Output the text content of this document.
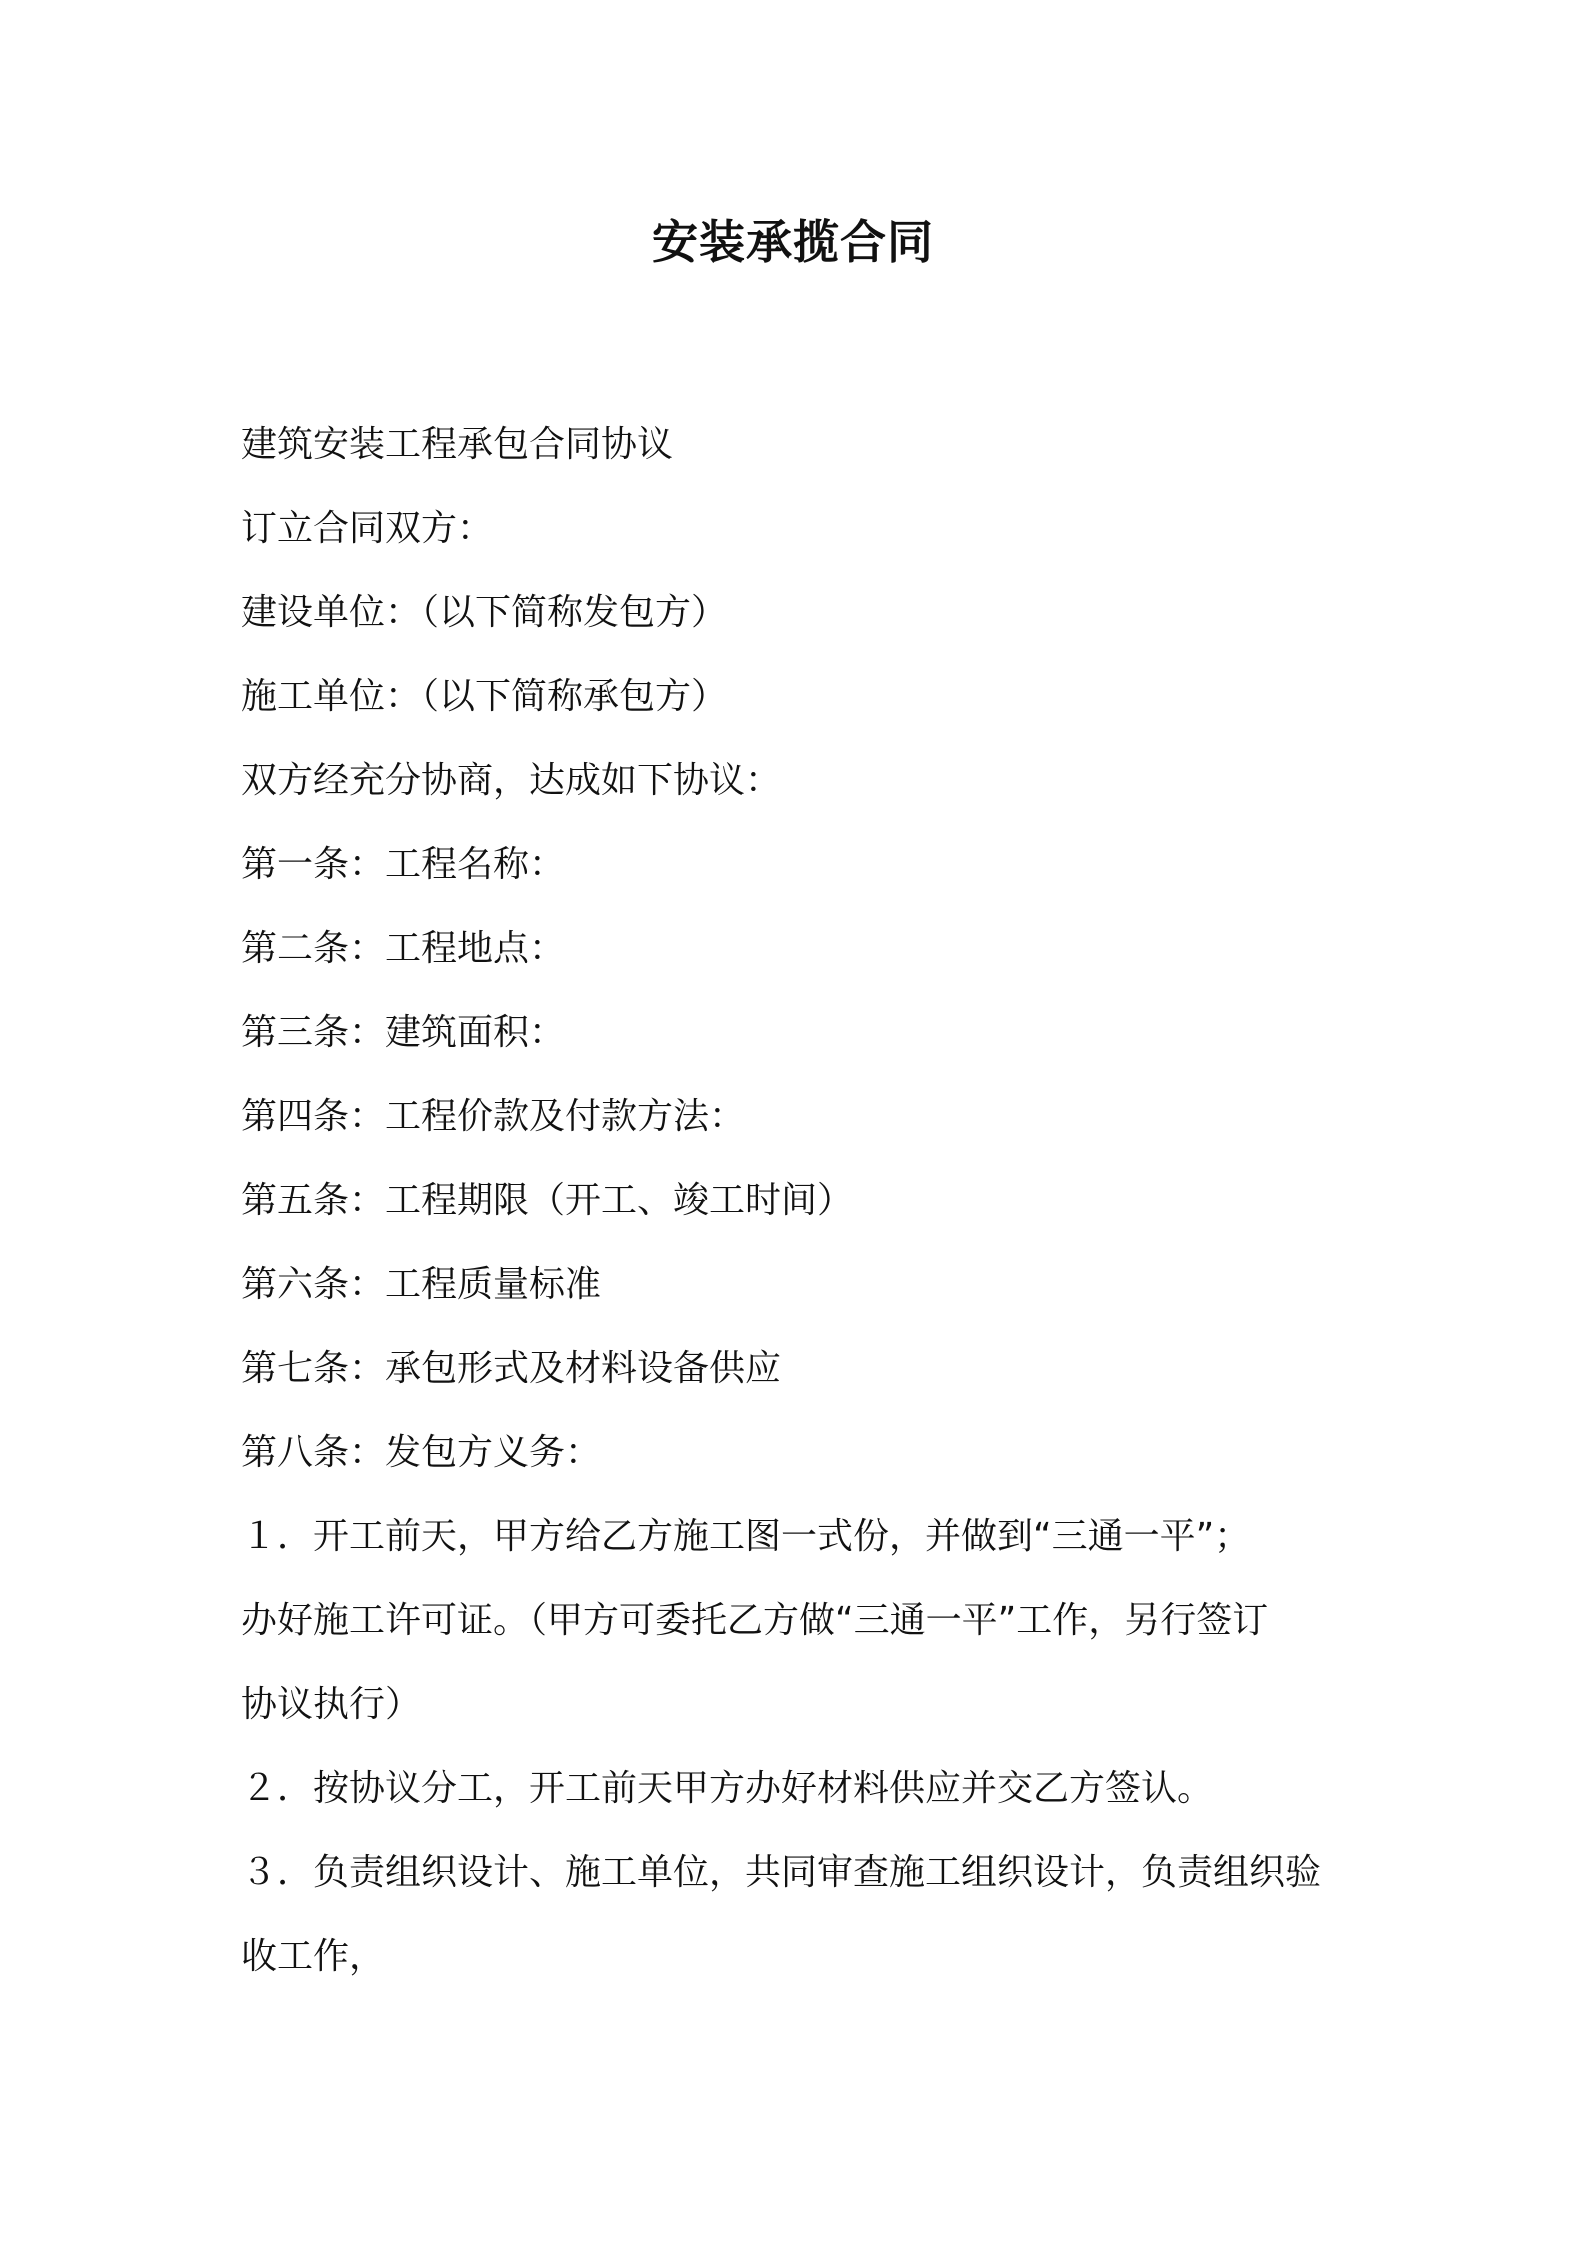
安装承揽合同

建筑安装工程承包合同协议

订立合同双方：

建设单位：（以下简称发包方）

施工单位：（以下简称承包方）

双方经充分协商，达成如下协议：

第一条：工程名称：

第二条：工程地点：

第三条：建筑面积：

第四条：工程价款及付款方法：

第五条：工程期限（开工、竣工时间）

第六条：工程质量标准

第七条：承包形式及材料设备供应

第八条：发包方义务：

１．开工前天，甲方给乙方施工图一式份，并做到“三通一平”；

办好施工许可证。（甲方可委托乙方做“三通一平”工作，另行签订

协议执行）

２．按协议分工，开工前天甲方办好材料供应并交乙方签认。

３．负责组织设计、施工单位，共同审查施工组织设计，负责组织验

收工作，
